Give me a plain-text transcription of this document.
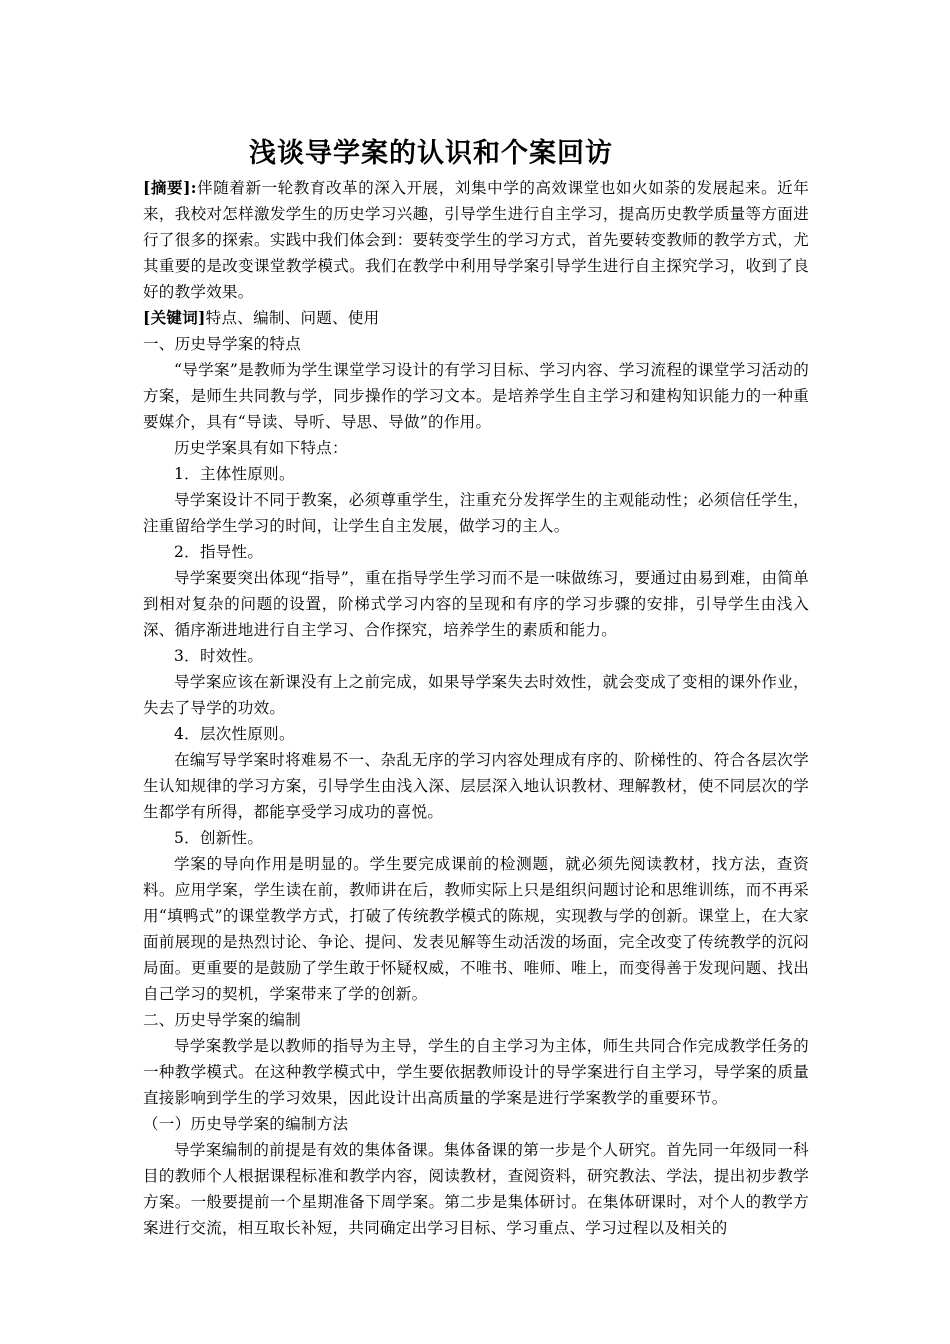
浅谈导学案的认识和个案回访

[摘要]:伴随着新一轮教育改革的深入开展，刘集中学的高效课堂也如火如荼的发展起来。近年来，我校对怎样激发学生的历史学习兴趣，引导学生进行自主学习，提高历史教学质量等方面进行了很多的探索。实践中我们体会到：要转变学生的学习方式，首先要转变教师的教学方式，尤其重要的是改变课堂教学模式。我们在教学中利用导学案引导学生进行自主探究学习，收到了良好的教学效果。

[关键词]特点、编制、问题、使用

一、历史导学案的特点

“导学案”是教师为学生课堂学习设计的有学习目标、学习内容、学习流程的课堂学习活动的方案，是师生共同教与学，同步操作的学习文本。是培养学生自主学习和建构知识能力的一种重要媒介，具有“导读、导听、导思、导做”的作用。

历史学案具有如下特点：

1．主体性原则。

导学案设计不同于教案，必须尊重学生，注重充分发挥学生的主观能动性；必须信任学生，注重留给学生学习的时间，让学生自主发展，做学习的主人。

2．指导性。

导学案要突出体现“指导”，重在指导学生学习而不是一味做练习，要通过由易到难，由简单到相对复杂的问题的设置，阶梯式学习内容的呈现和有序的学习步骤的安排，引导学生由浅入深、循序渐进地进行自主学习、合作探究，培养学生的素质和能力。

3．时效性。

导学案应该在新课没有上之前完成，如果导学案失去时效性，就会变成了变相的课外作业，失去了导学的功效。

4．层次性原则。

在编写导学案时将难易不一、杂乱无序的学习内容处理成有序的、阶梯性的、符合各层次学生认知规律的学习方案，引导学生由浅入深、层层深入地认识教材、理解教材，使不同层次的学生都学有所得，都能享受学习成功的喜悦。

5．创新性。

学案的导向作用是明显的。学生要完成课前的检测题，就必须先阅读教材，找方法，查资料。应用学案，学生读在前，教师讲在后，教师实际上只是组织问题讨论和思维训练，而不再采用“填鸭式”的课堂教学方式，打破了传统教学模式的陈规，实现教与学的创新。课堂上，在大家面前展现的是热烈讨论、争论、提问、发表见解等生动活泼的场面，完全改变了传统教学的沉闷局面。更重要的是鼓励了学生敢于怀疑权威，不唯书、唯师、唯上，而变得善于发现问题、找出自己学习的契机，学案带来了学的创新。

二、历史导学案的编制

导学案教学是以教师的指导为主导，学生的自主学习为主体，师生共同合作完成教学任务的一种教学模式。在这种教学模式中，学生要依据教师设计的导学案进行自主学习，导学案的质量直接影响到学生的学习效果，因此设计出高质量的学案是进行学案教学的重要环节。

（一）历史导学案的编制方法

导学案编制的前提是有效的集体备课。集体备课的第一步是个人研究。首先同一年级同一科目的教师个人根据课程标准和教学内容，阅读教材，查阅资料，研究教法、学法，提出初步教学方案。一般要提前一个星期准备下周学案。第二步是集体研讨。在集体研课时，对个人的教学方案进行交流，相互取长补短，共同确定出学习目标、学习重点、学习过程以及相关的
